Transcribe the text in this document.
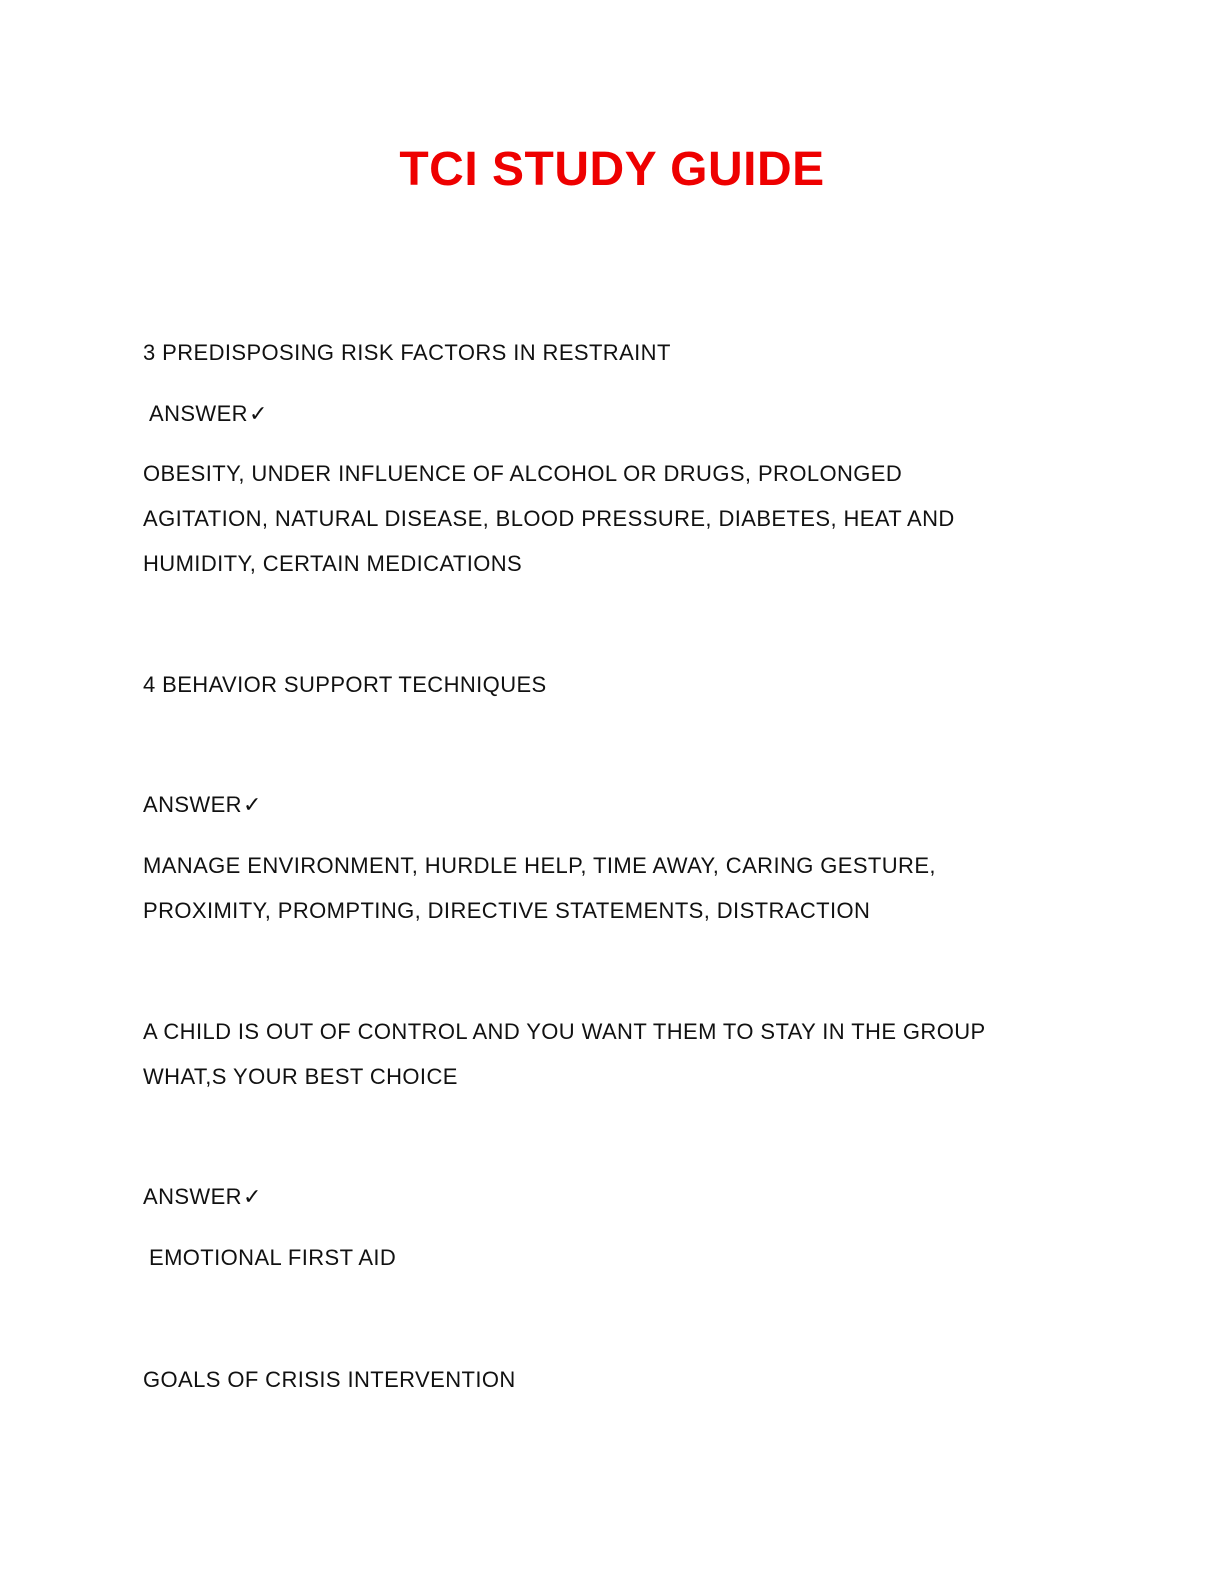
TCI STUDY GUIDE
3 PREDISPOSING RISK FACTORS IN RESTRAINT
ANSWER✓
OBESITY, UNDER INFLUENCE OF ALCOHOL OR DRUGS, PROLONGED
AGITATION, NATURAL DISEASE, BLOOD PRESSURE, DIABETES, HEAT AND
HUMIDITY, CERTAIN MEDICATIONS
4 BEHAVIOR SUPPORT TECHNIQUES
ANSWER✓
MANAGE ENVIRONMENT, HURDLE HELP, TIME AWAY, CARING GESTURE,
PROXIMITY, PROMPTING, DIRECTIVE STATEMENTS, DISTRACTION
A CHILD IS OUT OF CONTROL AND YOU WANT THEM TO STAY IN THE GROUP
WHAT,S YOUR BEST CHOICE
ANSWER✓
EMOTIONAL FIRST AID
GOALS OF CRISIS INTERVENTION
